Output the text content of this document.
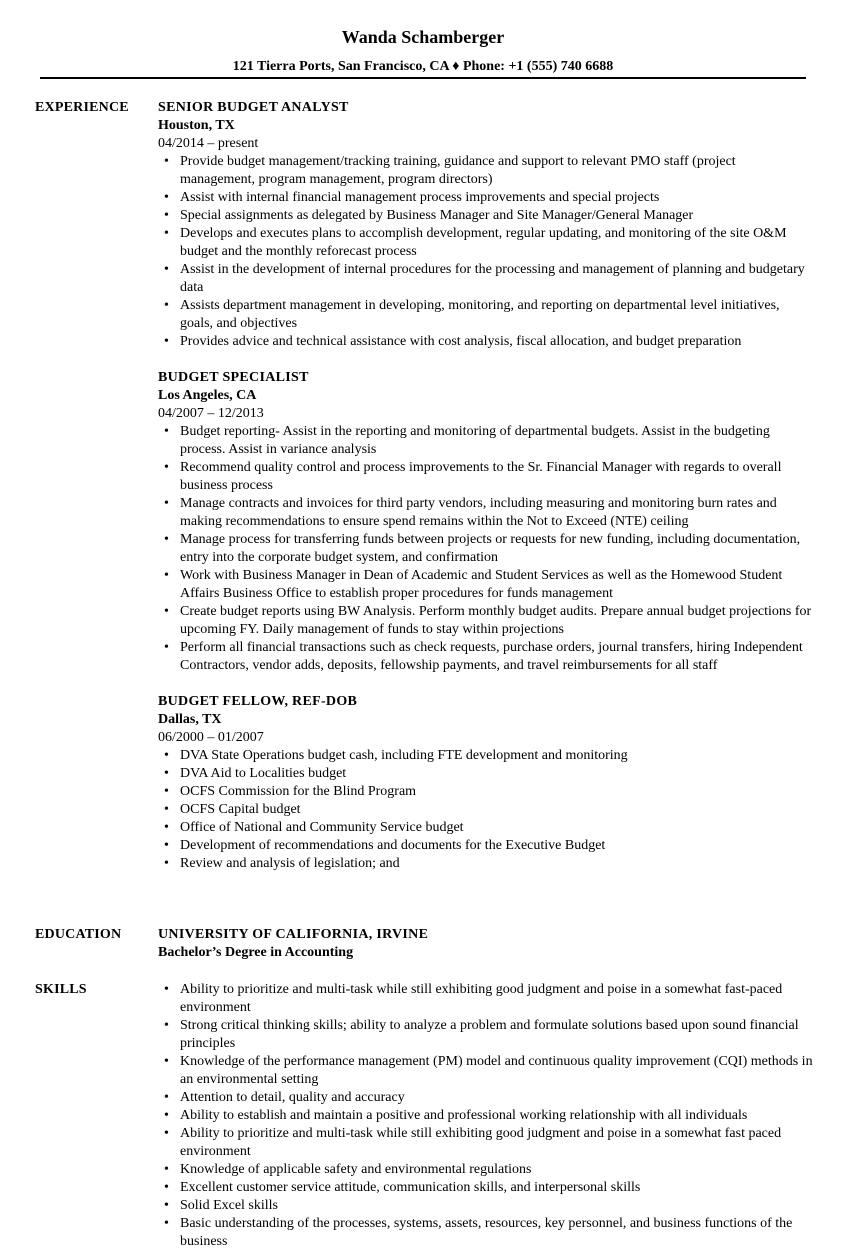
Wanda Schamberger
121 Tierra Ports, San Francisco, CA ♦ Phone: +1 (555) 740 6688
EXPERIENCE SENIOR BUDGET ANALYST
Houston, TX
04/2014 – present
• Provide budget management/tracking training, guidance and support to relevant PMO staff (project management, program management, program directors)
• Assist with internal financial management process improvements and special projects
• Special assignments as delegated by Business Manager and Site Manager/General Manager
• Develops and executes plans to accomplish development, regular updating, and monitoring of the site O&M budget and the monthly reforecast process
• Assist in the development of internal procedures for the processing and management of planning and budgetary data
• Assists department management in developing, monitoring, and reporting on departmental level initiatives, goals, and objectives
• Provides advice and technical assistance with cost analysis, fiscal allocation, and budget preparation
BUDGET SPECIALIST
Los Angeles, CA
04/2007 – 12/2013
• Budget reporting- Assist in the reporting and monitoring of departmental budgets. Assist in the budgeting process. Assist in variance analysis
• Recommend quality control and process improvements to the Sr. Financial Manager with regards to overall business process
• Manage contracts and invoices for third party vendors, including measuring and monitoring burn rates and making recommendations to ensure spend remains within the Not to Exceed (NTE) ceiling
• Manage process for transferring funds between projects or requests for new funding, including documentation, entry into the corporate budget system, and confirmation
• Work with Business Manager in Dean of Academic and Student Services as well as the Homewood Student Affairs Business Office to establish proper procedures for funds management
• Create budget reports using BW Analysis. Perform monthly budget audits. Prepare annual budget projections for upcoming FY. Daily management of funds to stay within projections
• Perform all financial transactions such as check requests, purchase orders, journal transfers, hiring Independent Contractors, vendor adds, deposits, fellowship payments, and travel reimbursements for all staff
BUDGET FELLOW, REF-DOB
Dallas, TX
06/2000 – 01/2007
• DVA State Operations budget cash, including FTE development and monitoring
• DVA Aid to Localities budget
• OCFS Commission for the Blind Program
• OCFS Capital budget
• Office of National and Community Service budget
• Development of recommendations and documents for the Executive Budget
• Review and analysis of legislation; and
EDUCATION	UNIVERSITY OF CALIFORNIA, IRVINE
Bachelor’s Degree in Accounting
SKILLS
•	Ability to prioritize and multi-task while still exhibiting good judgment and poise in a somewhat fast-paced environment
• Strong critical thinking skills; ability to analyze a problem and formulate solutions based upon sound financial principles
• Knowledge of the performance management (PM) model and continuous quality improvement (CQI) methods in an environmental setting
• Attention to detail, quality and accuracy
• Ability to establish and maintain a positive and professional working relationship with all individuals
• Ability to prioritize and multi-task while still exhibiting good judgment and poise in a somewhat fast paced environment
• Knowledge of applicable safety and environmental regulations
• Excellent customer service attitude, communication skills, and interpersonal skills
• Solid Excel skills
• Basic understanding of the processes, systems, assets, resources, key personnel, and business functions of the business
